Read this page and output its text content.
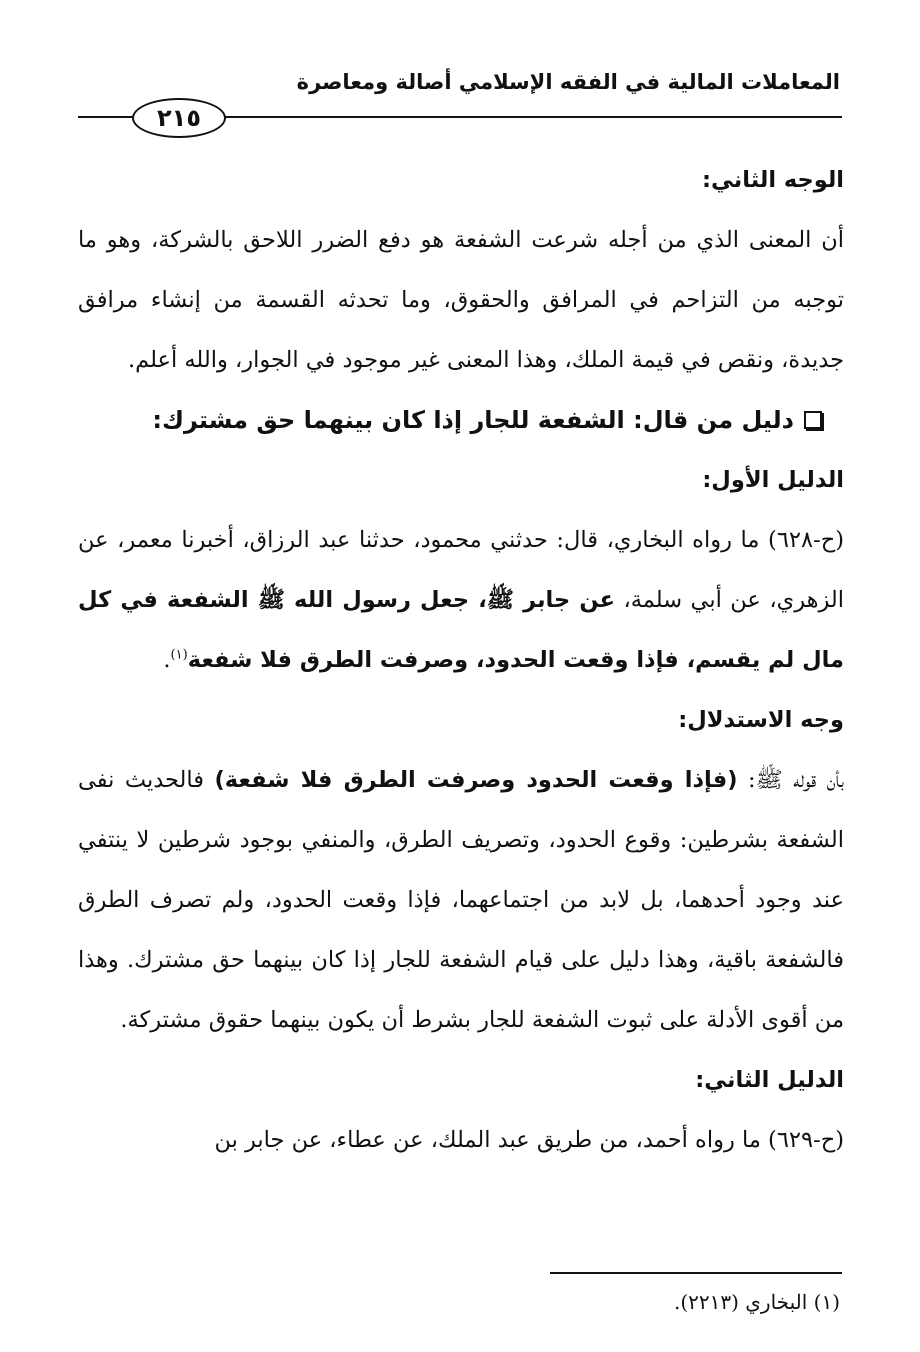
المعاملات المالية في الفقه الإسلامي أصالة ومعاصرة
٢١٥

الوجه الثاني:

أن المعنى الذي من أجله شرعت الشفعة هو دفع الضرر اللاحق بالشركة، وهو ما توجبه من التزاحم في المرافق والحقوق، وما تحدثه القسمة من إنشاء مرافق جديدة، ونقص في قيمة الملك، وهذا المعنى غير موجود في الجوار، والله أعلم.

دليل من قال: الشفعة للجار إذا كان بينهما حق مشترك:

الدليل الأول:

(ح-٦٢٨) ما رواه البخاري، قال: حدثني محمود، حدثنا عبد الرزاق، أخبرنا معمر، عن الزهري، عن أبي سلمة، عن جابر ﷺ، جعل رسول الله ﷺ الشفعة في كل مال لم يقسم، فإذا وقعت الحدود، وصرفت الطرق فلا شفعة$^{(١)}$.

وجه الاستدلال:

بأن قوله ﷺ: (فإذا وقعت الحدود وصرفت الطرق فلا شفعة) فالحديث نفى الشفعة بشرطين: وقوع الحدود، وتصريف الطرق، والمنفي بوجود شرطين لا ينتفي عند وجود أحدهما، بل لابد من اجتماعهما، فإذا وقعت الحدود، ولم تصرف الطرق فالشفعة باقية، وهذا دليل على قيام الشفعة للجار إذا كان بينهما حق مشترك. وهذا من أقوى الأدلة على ثبوت الشفعة للجار بشرط أن يكون بينهما حقوق مشتركة.

الدليل الثاني:

(ح-٦٢٩) ما رواه أحمد، من طريق عبد الملك، عن عطاء، عن جابر بن

(١) البخاري (٢٢١٣).
